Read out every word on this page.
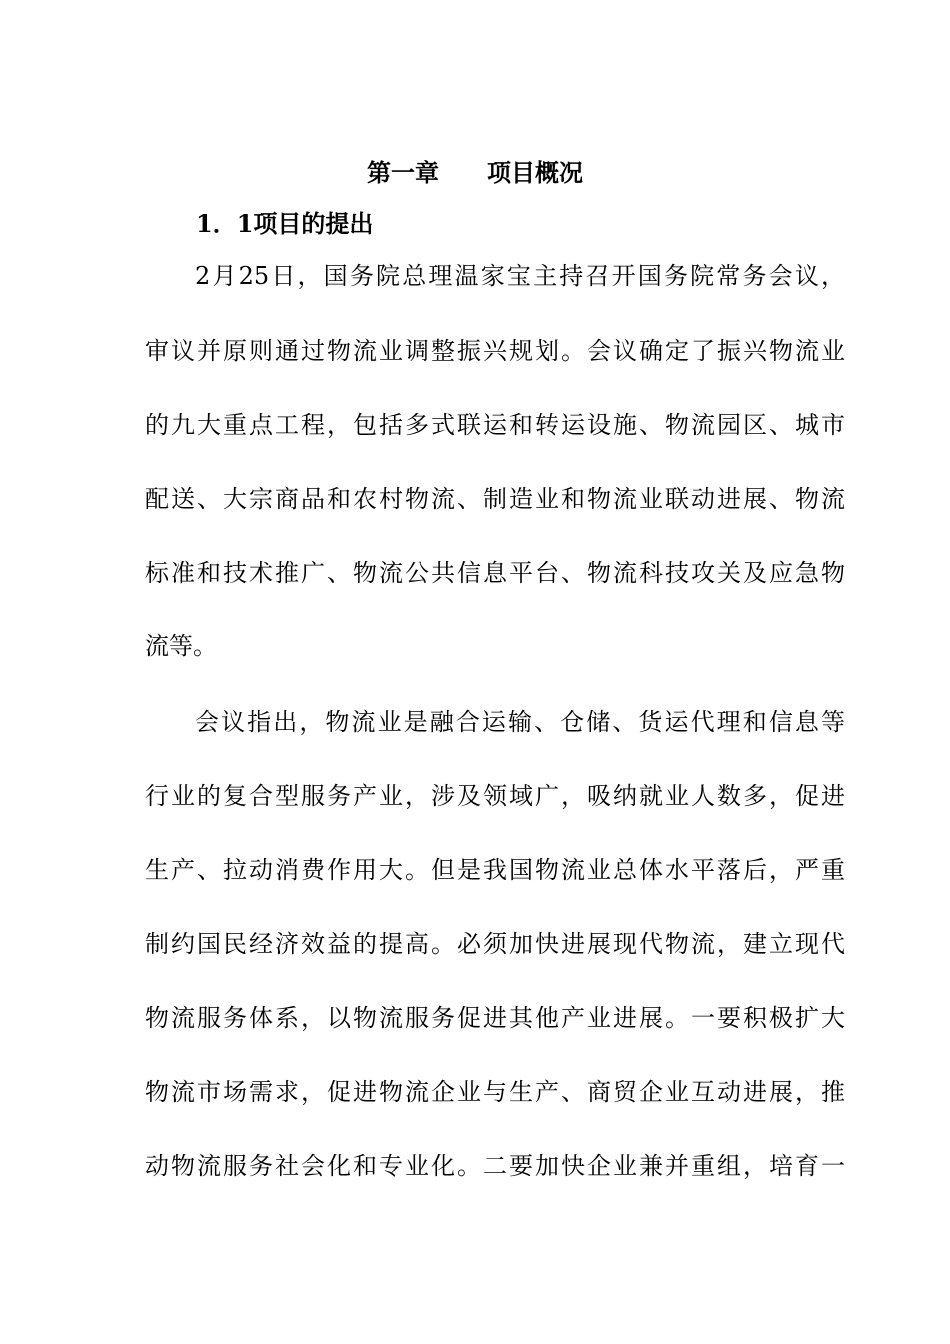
第一章　　项目概况
1．1项目的提出
2月25日，国务院总理温家宝主持召开国务院常务会议，
审议并原则通过物流业调整振兴规划。会议确定了振兴物流业
的九大重点工程，包括多式联运和转运设施、物流园区、城市
配送、大宗商品和农村物流、制造业和物流业联动进展、物流
标准和技术推广、物流公共信息平台、物流科技攻关及应急物
流等。
会议指出，物流业是融合运输、仓储、货运代理和信息等
行业的复合型服务产业，涉及领域广，吸纳就业人数多，促进
生产、拉动消费作用大。但是我国物流业总体水平落后，严重
制约国民经济效益的提高。必须加快进展现代物流，建立现代
物流服务体系，以物流服务促进其他产业进展。一要积极扩大
物流市场需求，促进物流企业与生产、商贸企业互动进展，推
动物流服务社会化和专业化。二要加快企业兼并重组，培育一
